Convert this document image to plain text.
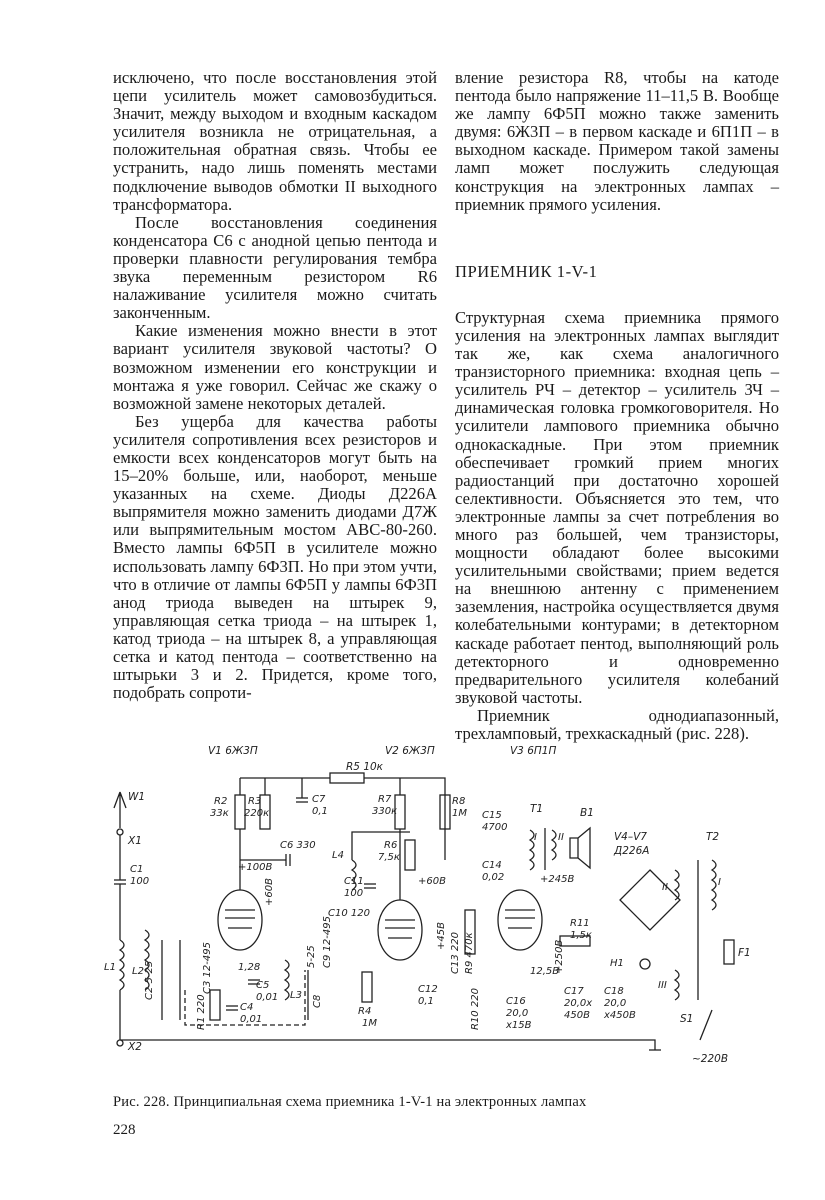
исключено, что после восстановления этой цепи усилитель может самовозбудиться. Значит, между выходом и входным каскадом усилителя возникла не отрицательная, а положительная обратная связь. Чтобы ее устранить, надо лишь поменять местами подключение выводов обмотки II выходного трансформатора.

После восстановления соединения конденсатора С6 с анодной цепью пентода и проверки плавности регулирования тембра звука переменным резистором R6 налаживание усилителя можно считать законченным.

Какие изменения можно внести в этот вариант усилителя звуковой частоты? О возможном изменении его конструкции и монтажа я уже говорил. Сейчас же скажу о возможной замене некоторых деталей.

Без ущерба для качества работы усилителя сопротивления всех резисторов и емкости всех конденсаторов могут быть на 15–20% больше, или, наоборот, меньше указанных на схеме. Диоды Д226А выпрямителя можно заменить диодами Д7Ж или выпрямительным мостом АВС-80-260. Вместо лампы 6Ф5П в усилителе можно использовать лампу 6Ф3П. Но при этом учти, что в отличие от лампы 6Ф5П у лампы 6Ф3П анод триода выведен на штырек 9, управляющая сетка триода – на штырек 1, катод триода – на штырек 8, а управляющая сетка и катод пентода – соответственно на штырьки 3 и 2. Придется, кроме того, подобрать сопроти-

вление резистора R8, чтобы на катоде пентода было напряжение 11–11,5 В. Вообще же лампу 6Ф5П можно также заменить двумя: 6Ж3П – в первом каскаде и 6П1П – в выходном каскаде. Примером такой замены ламп может послужить следующая конструкция на электронных лампах – приемник прямого усиления.

ПРИЕМНИК 1-V-1

Структурная схема приемника прямого усиления на электронных лампах выглядит так же, как схема аналогичного транзисторного приемника: входная цепь – усилитель РЧ – детектор – усилитель ЗЧ – динамическая головка громкоговорителя. Но усилители лампового приемника обычно однокаскадные. При этом приемник обеспечивает громкий прием многих радиостанций при достаточно хорошей селективности. Объясняется это тем, что электронные лампы за счет потребления во много раз большей, чем транзисторы, мощности обладают более высокими усилительными свойствами; прием ведется на внешнюю антенну с применением заземления, настройка осуществляется двумя колебательными контурами; в детекторном каскаде работает пентод, выполняющий роль детекторного и одновременно предварительного усилителя колебаний звуковой частоты.

Приемник однодиапазонный, трехламповый, трехкаскадный (рис. 228).

V1 6Ж3П	V2 6Ж3П	V3 6П1П
V4–V7
Д226А
R5 10к
R2
33к
R3
220к
C7
0,1
R7
330к
R8
1М
W1
X1
C1
100
L1
X2
L2 C2 5-25	C3 12-495
+100В
+60В
1,28
C6 330
R1 220	C4
0,01
C5
0,01 L3 C8
5-25 C9 12-495
L4
R6
7,5к
C11
100
+60В
C10 120
R4
1М
C12
0,1
+45В C13 220 R9 470к
C15
4700
T1
I II
B1
C14
0,02	+245В
R11
1,5к
+250В
12,5В
R10 220	C16
20,0
x15В
C17
20,0x
450В
C18
20,0
x450В
H1
T2
II
III
I
F1
S1
~220В
Рис. 228. Принципиальная схема приемника 1-V-1 на электронных лампах
228
